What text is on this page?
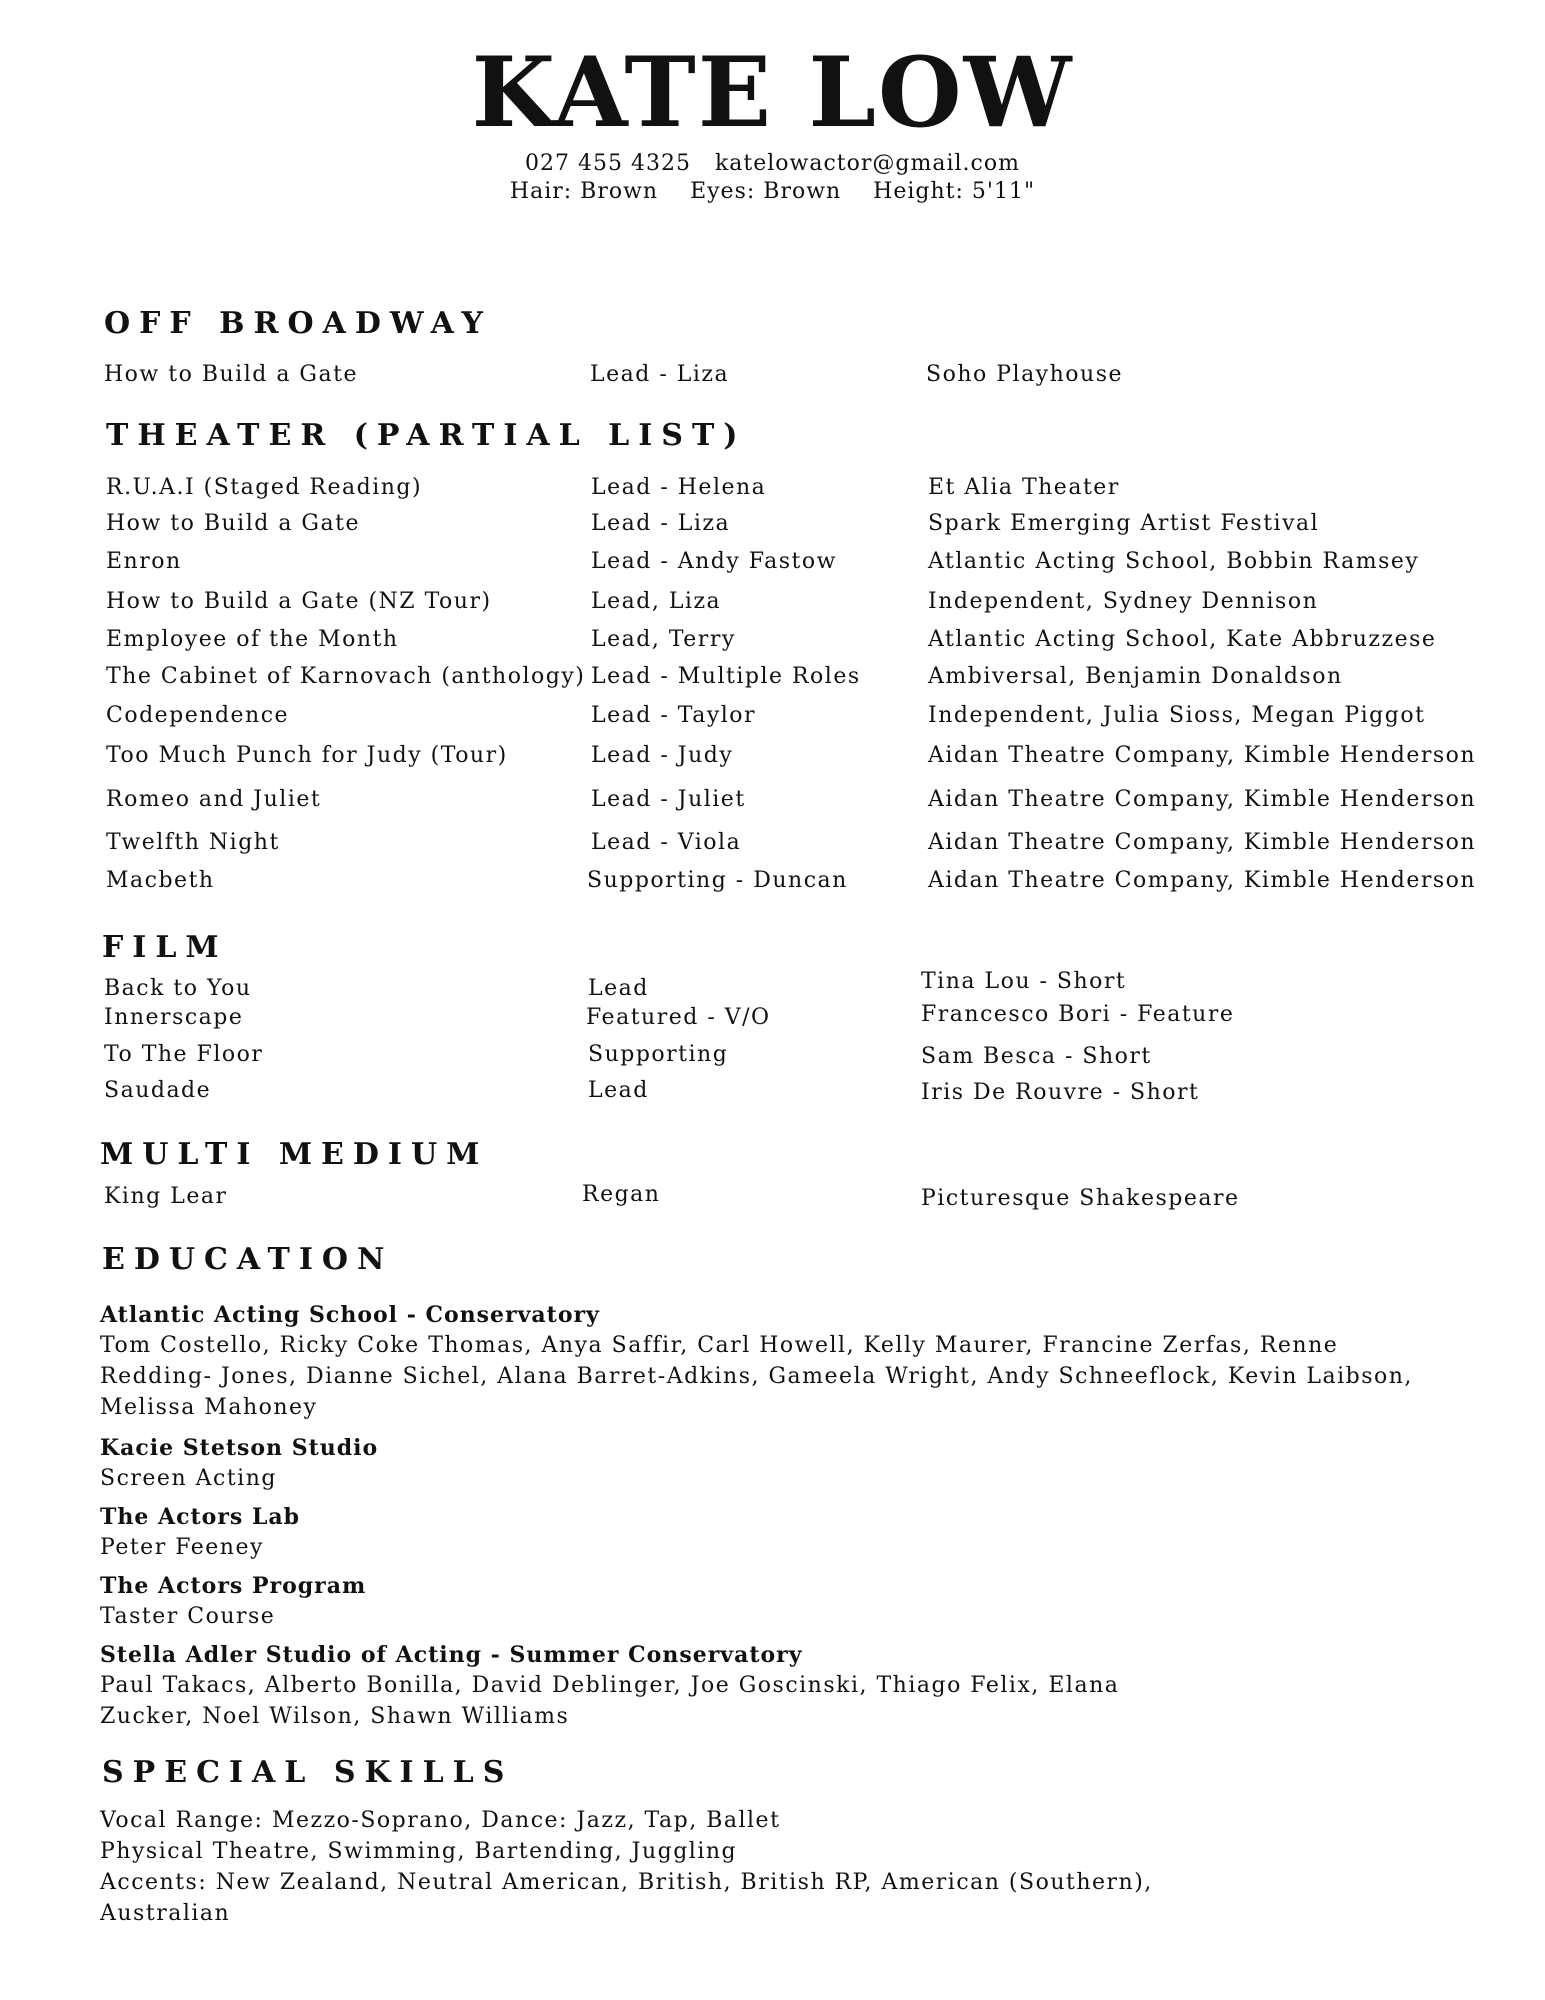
KATE LOW
027 455 4325   katelowactor@gmail.com
Hair: Brown    Eyes: Brown    Height: 5'11"
OFF BROADWAY
How to Build a Gate	Lead - Liza	Soho Playhouse
THEATER (PARTIAL LIST)
R.U.A.I (Staged Reading)	Lead - Helena	Et Alia Theater
How to Build a Gate	Lead - Liza	Spark Emerging Artist Festival
Enron	Lead - Andy Fastow	Atlantic Acting School, Bobbin Ramsey
How to Build a Gate (NZ Tour)	Lead, Liza	Independent, Sydney Dennison
Employee of the Month	Lead, Terry	Atlantic Acting School, Kate Abbruzzese
The Cabinet of Karnovach (anthology) Lead - Multiple Roles	Ambiversal, Benjamin Donaldson
Codependence	Lead - Taylor	Independent, Julia Sioss, Megan Piggot
Too Much Punch for Judy (Tour)	Lead - Judy	Aidan Theatre Company, Kimble Henderson
Romeo and Juliet	Lead - Juliet	Aidan Theatre Company, Kimble Henderson
Twelfth Night	Lead - Viola	Aidan Theatre Company, Kimble Henderson
Macbeth	Supporting - Duncan	Aidan Theatre Company, Kimble Henderson
FILM
Back to You	Lead	Tina Lou - Short
Innerscape	Featured - V/O	Francesco Bori - Feature
To The Floor	Supporting	Sam Besca - Short
Saudade	Lead	Iris De Rouvre - Short
MULTI MEDIUM
King Lear	Regan	Picturesque Shakespeare
EDUCATION
Atlantic Acting School - Conservatory
Tom Costello, Ricky Coke Thomas, Anya Saffir, Carl Howell, Kelly Maurer, Francine Zerfas, Renne Redding- Jones, Dianne Sichel, Alana Barret-Adkins, Gameela Wright, Andy Schneeflock, Kevin Laibson, Melissa Mahoney
Kacie Stetson Studio
Screen Acting
The Actors Lab
Peter Feeney
The Actors Program
Taster Course
Stella Adler Studio of Acting - Summer Conservatory
Paul Takacs, Alberto Bonilla, David Deblinger, Joe Goscinski, Thiago Felix, Elana Zucker, Noel Wilson, Shawn Williams
SPECIAL SKILLS
Vocal Range: Mezzo-Soprano, Dance: Jazz, Tap, Ballet
Physical Theatre, Swimming, Bartending, Juggling
Accents: New Zealand, Neutral American, British, British RP, American (Southern),
Australian
